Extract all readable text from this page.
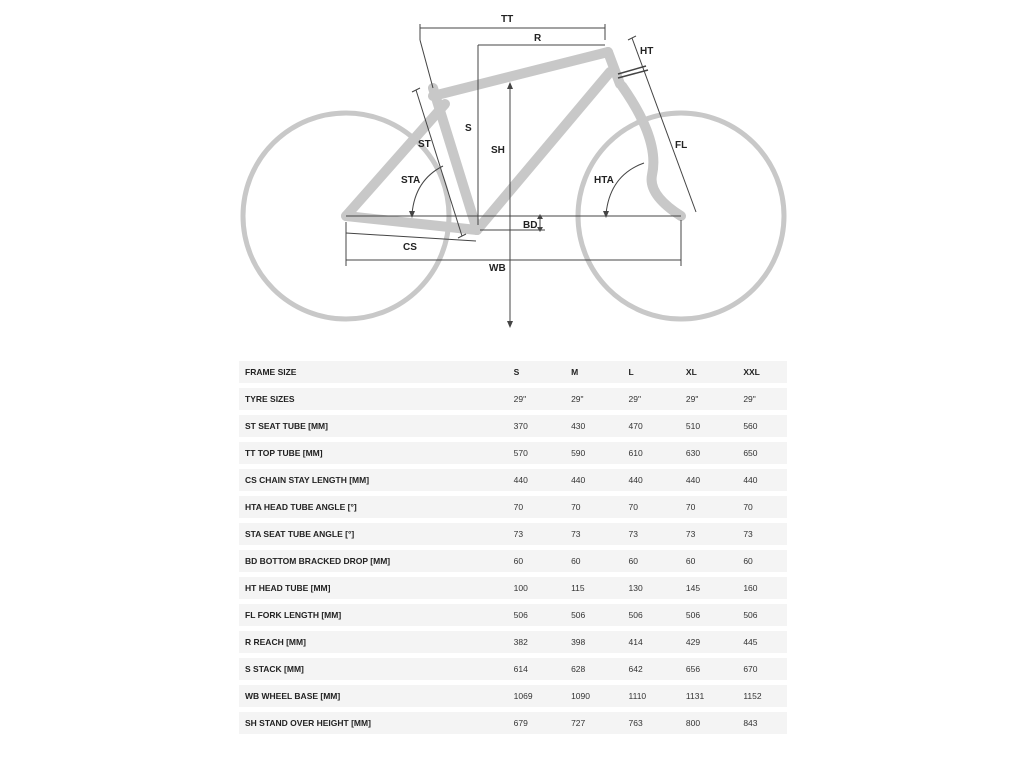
TT
R
HT
S
ST
SH	FL
STA	HTA
BD
CS
WB
FRAME SIZE	S	M	L	XL	XXL
TYRE SIZES	29"	29"	29"	29"	29"
ST SEAT TUBE [MM]	370	430	470	510	560
TT TOP TUBE [MM]	570	590	610	630	650
CS CHAIN STAY LENGTH [MM]	440	440	440	440	440
HTA HEAD TUBE ANGLE [°]	70	70	70	70	70
STA SEAT TUBE ANGLE [°]	73	73	73	73	73
BD BOTTOM BRACKED DROP [MM]	60	60	60	60	60
HT HEAD TUBE [MM]	100	115	130	145	160
FL FORK LENGTH [MM]	506	506	506	506	506
R REACH [MM]	382	398	414	429	445
S STACK [MM]	614	628	642	656	670
WB WHEEL BASE [MM]	1069	1090	1110	1131	1152
SH STAND OVER HEIGHT [MM]	679	727	763	800	843
